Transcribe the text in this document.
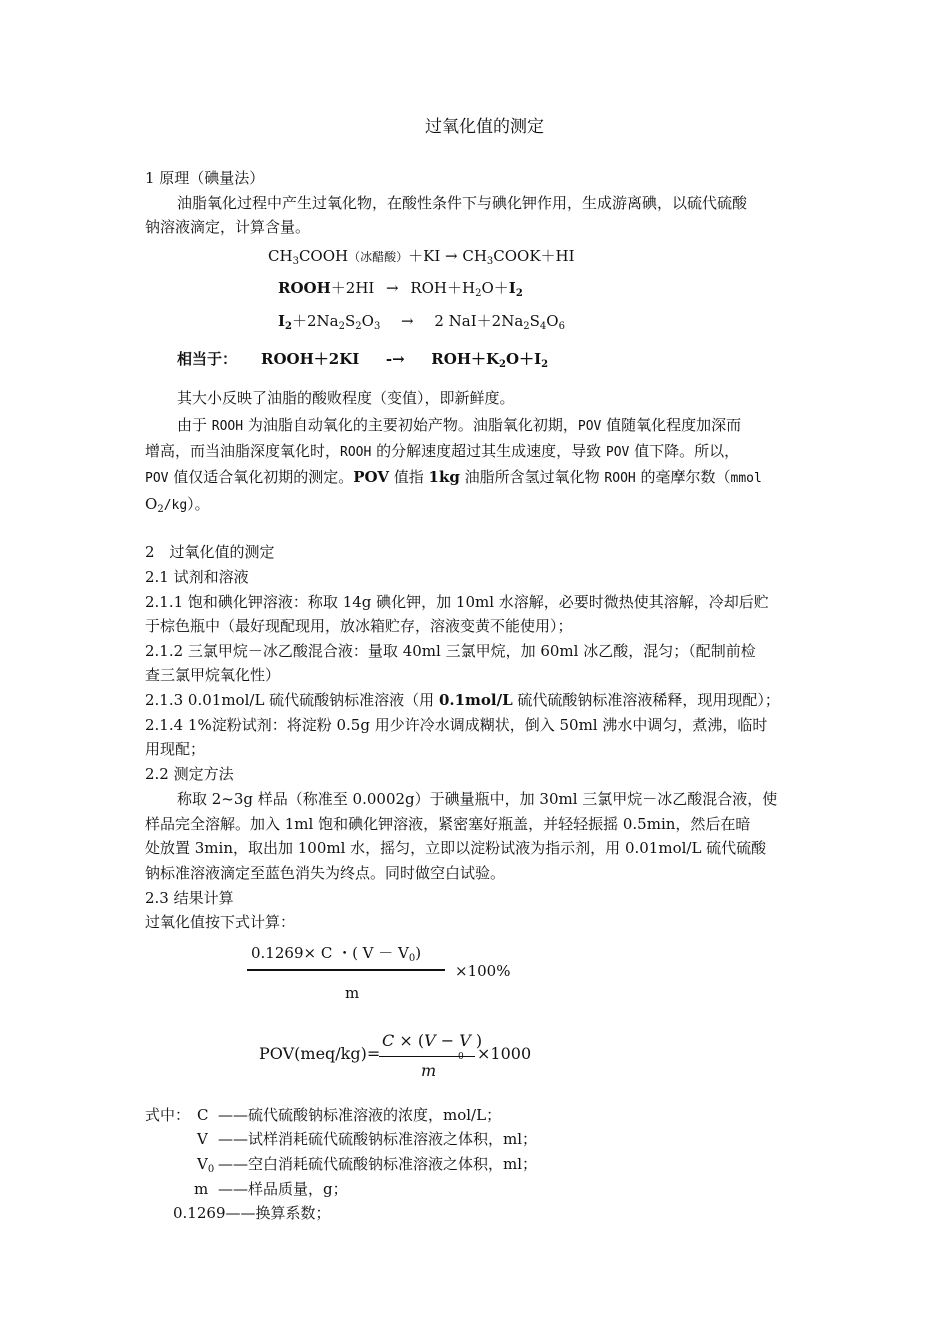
过氧化值的测定
1 原理（碘量法）
油脂氧化过程中产生过氧化物，在酸性条件下与碘化钾作用，生成游离碘，以硫代硫酸
钠溶液滴定，计算含量。
$CH_3COOH$（冰醋酸）$+KI \to CH_3COOK+HI$
ROOH＋2HI → $ROH+H_2O+I_2$
$I_2+2Na_2S_2O_3 \to 2$ $NaI+2Na_2S_4O_6$
相当于： ROOH＋2KI -→ $ROH+K_2O+I_2$
其大小反映了油脂的酸败程度（变值），即新鲜度。
由于 ROOH 为油脂自动氧化的主要初始产物。油脂氧化初期，POV 值随氧化程度加深而
增高，而当油脂深度氧化时，ROOH 的分解速度超过其生成速度，导致 POV 值下降。所以，
POV 值仅适合氧化初期的测定。POV 值指 1kg 油脂所含氢过氧化物 ROOH 的毫摩尔数（mmol
$O_2/kg$）。
2　过氧化值的测定
2.1 试剂和溶液
2.1.1 饱和碘化钾溶液：称取 14g 碘化钾，加 10ml 水溶解，必要时微热使其溶解，冷却后贮
于棕色瓶中（最好现配现用，放冰箱贮存，溶液变黄不能使用）；
2.1.2 三氯甲烷－冰乙酸混合液：量取 40ml 三氯甲烷，加 60ml 冰乙酸，混匀；（配制前检
查三氯甲烷氧化性）
2.1.3 0.01mol/L 硫代硫酸钠标准溶液（用 0.1mol/L 硫代硫酸钠标准溶液稀释，现用现配）；
2.1.4 1%淀粉试剂：将淀粉 0.5g 用少许冷水调成糊状，倒入 50ml 沸水中调匀，煮沸，临时
用现配；
2.2 测定方法
称取 2~3g 样品（称准至 0.0002g）于碘量瓶中，加 30ml 三氯甲烷－冰乙酸混合液，使
样品完全溶解。加入 1ml 饱和碘化钾溶液，紧密塞好瓶盖，并轻轻振摇 0.5min，然后在暗
处放置 3min，取出加 100ml 水，摇匀，立即以淀粉试液为指示剂，用 0.01mol/L 硫代硫酸
钠标准溶液滴定至蓝色消失为终点。同时做空白试验。
2.3 结果计算
过氧化值按下式计算：
0.1269× C ・( $V - V_0$)
×100%
m
POV(meq/kg)=
C × (V − V )
0 ×1000
m
式中： C ——硫代硫酸钠标准溶液的浓度，mol/L；
V ——试样消耗硫代硫酸钠标准溶液之体积，ml；
$V_0$ ——空白消耗硫代硫酸钠标准溶液之体积，ml；
m ——样品质量，g；
0.1269——换算系数；
